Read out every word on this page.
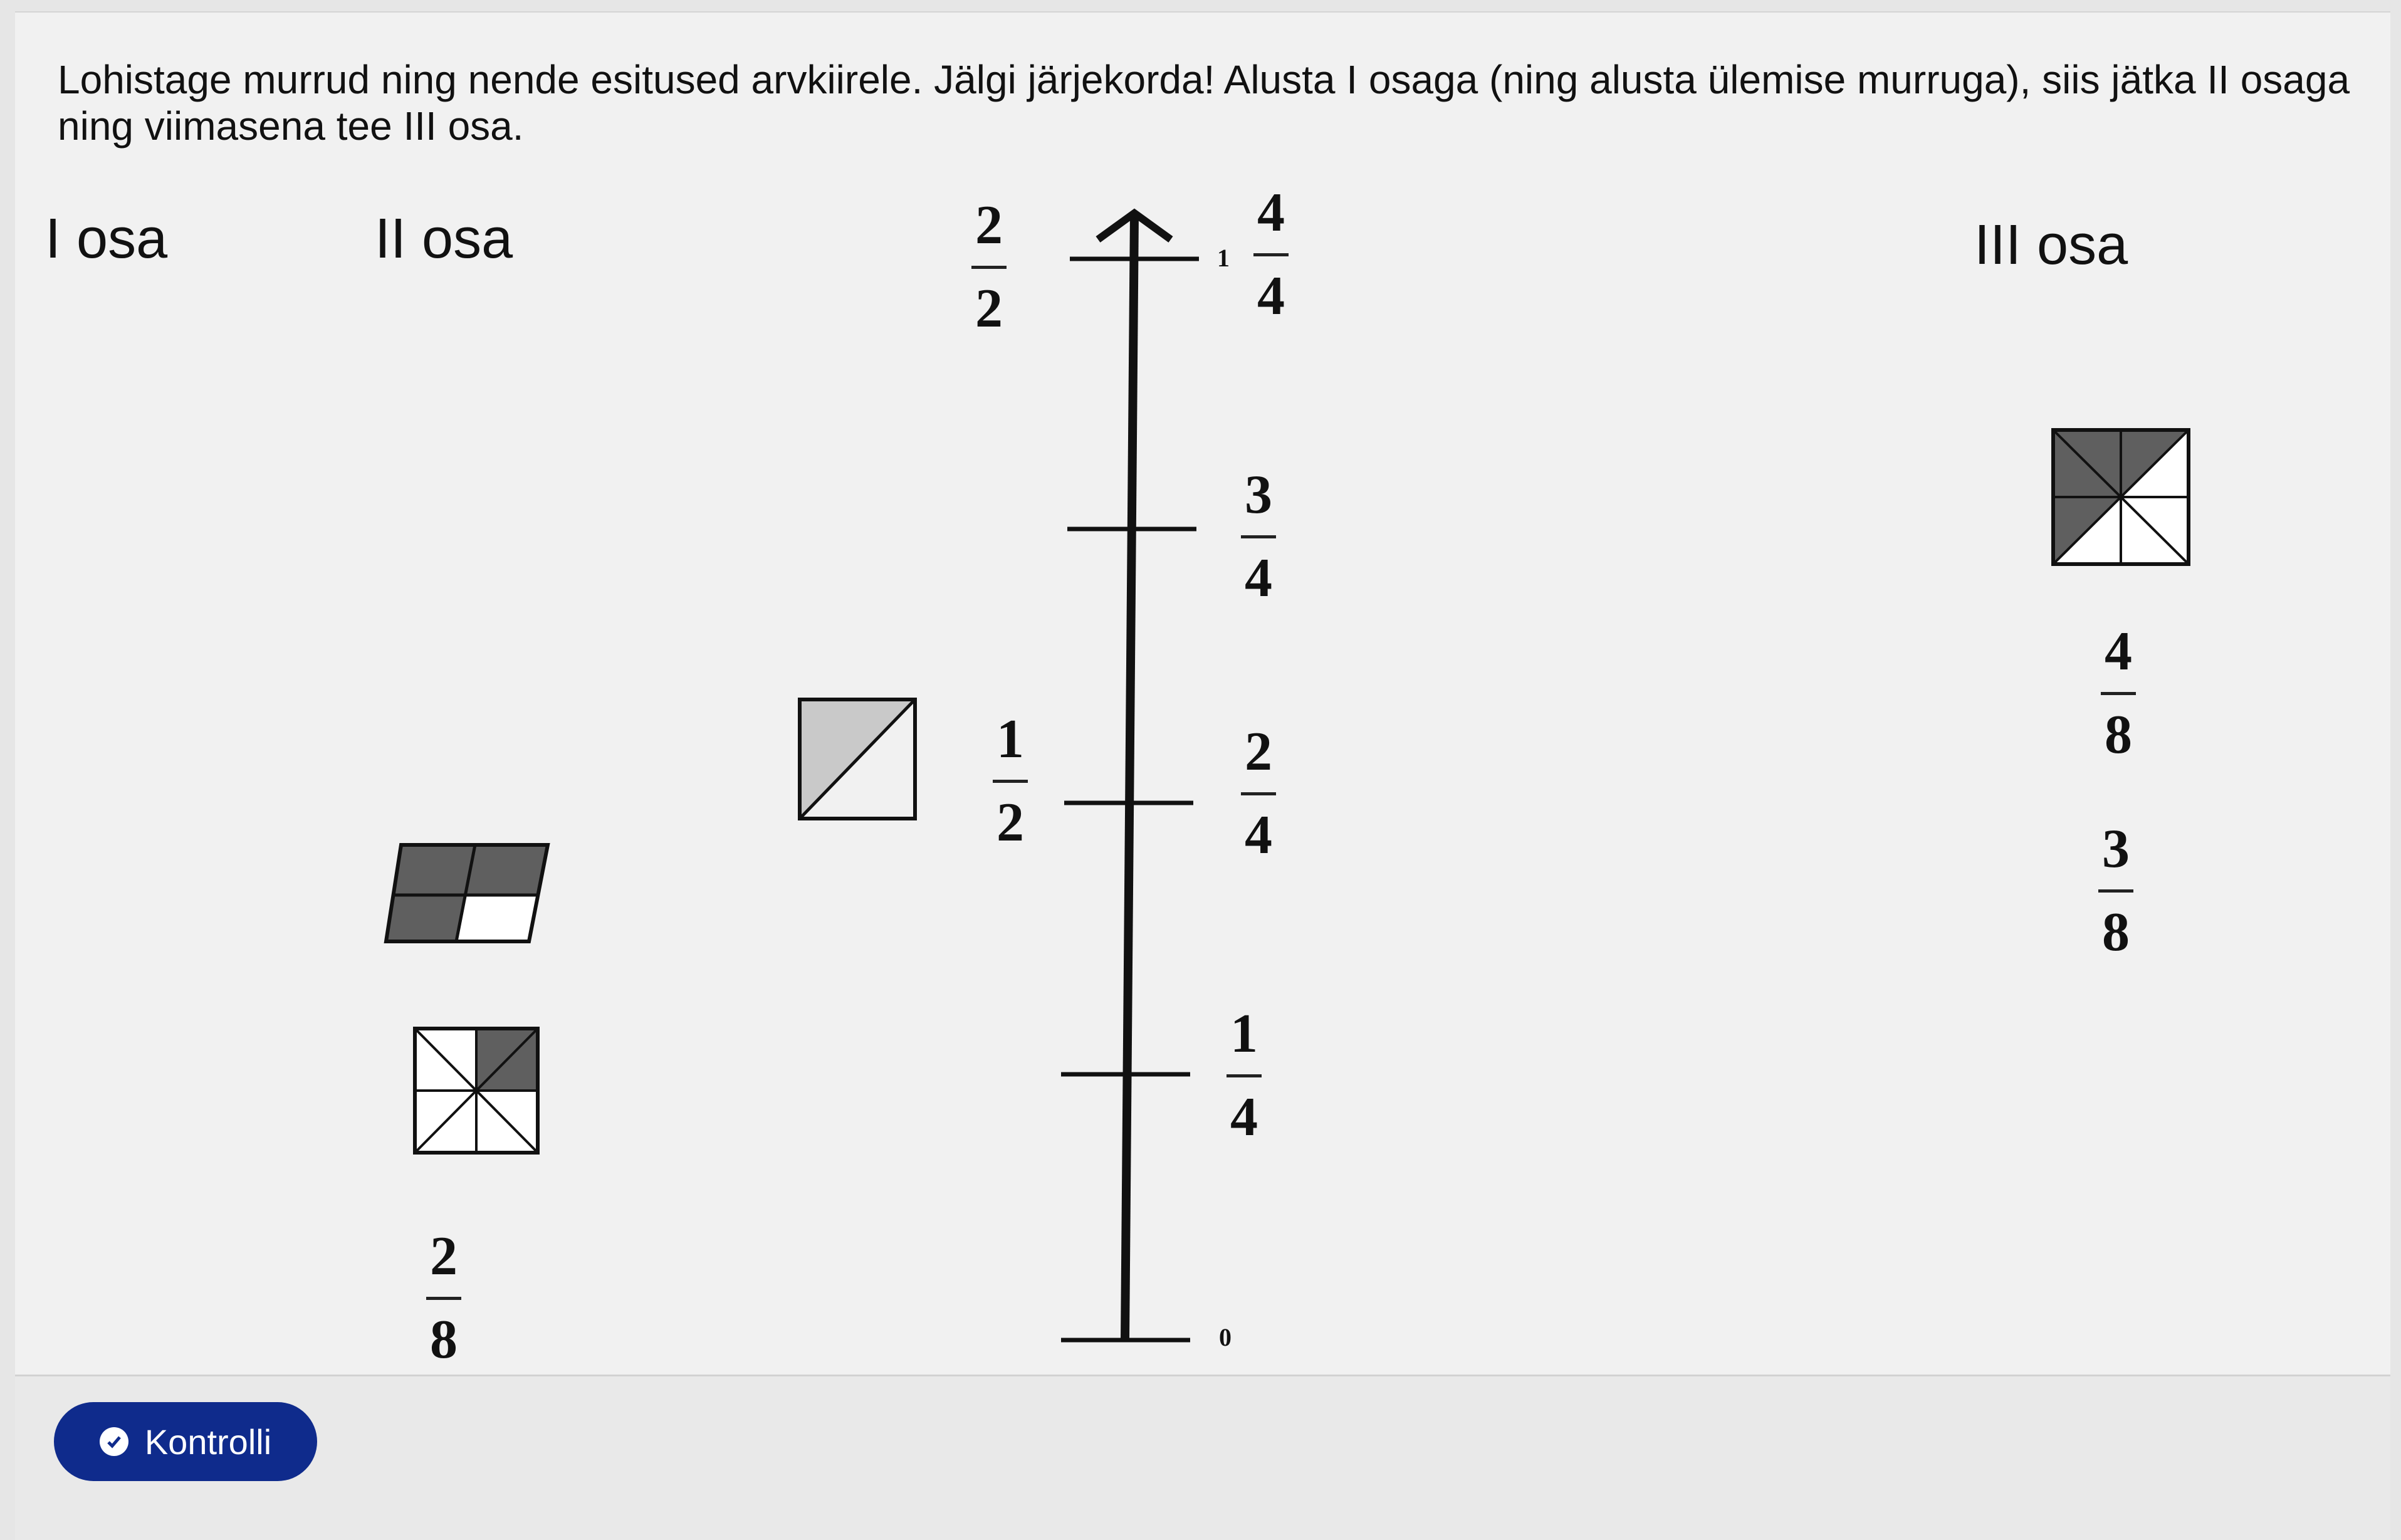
Lohistage murrud ning nende esitused arvkiirele. Jälgi järjekorda! Alusta I osaga (ning alusta ülemise murruga), siis jätka II osaga ning viimasena tee III osa.
I osa	II osa	III osa
1
0
2
2
1
2
4
4
3
4
2
4
1
4
2
8
4
8
3
8
Kontrolli
